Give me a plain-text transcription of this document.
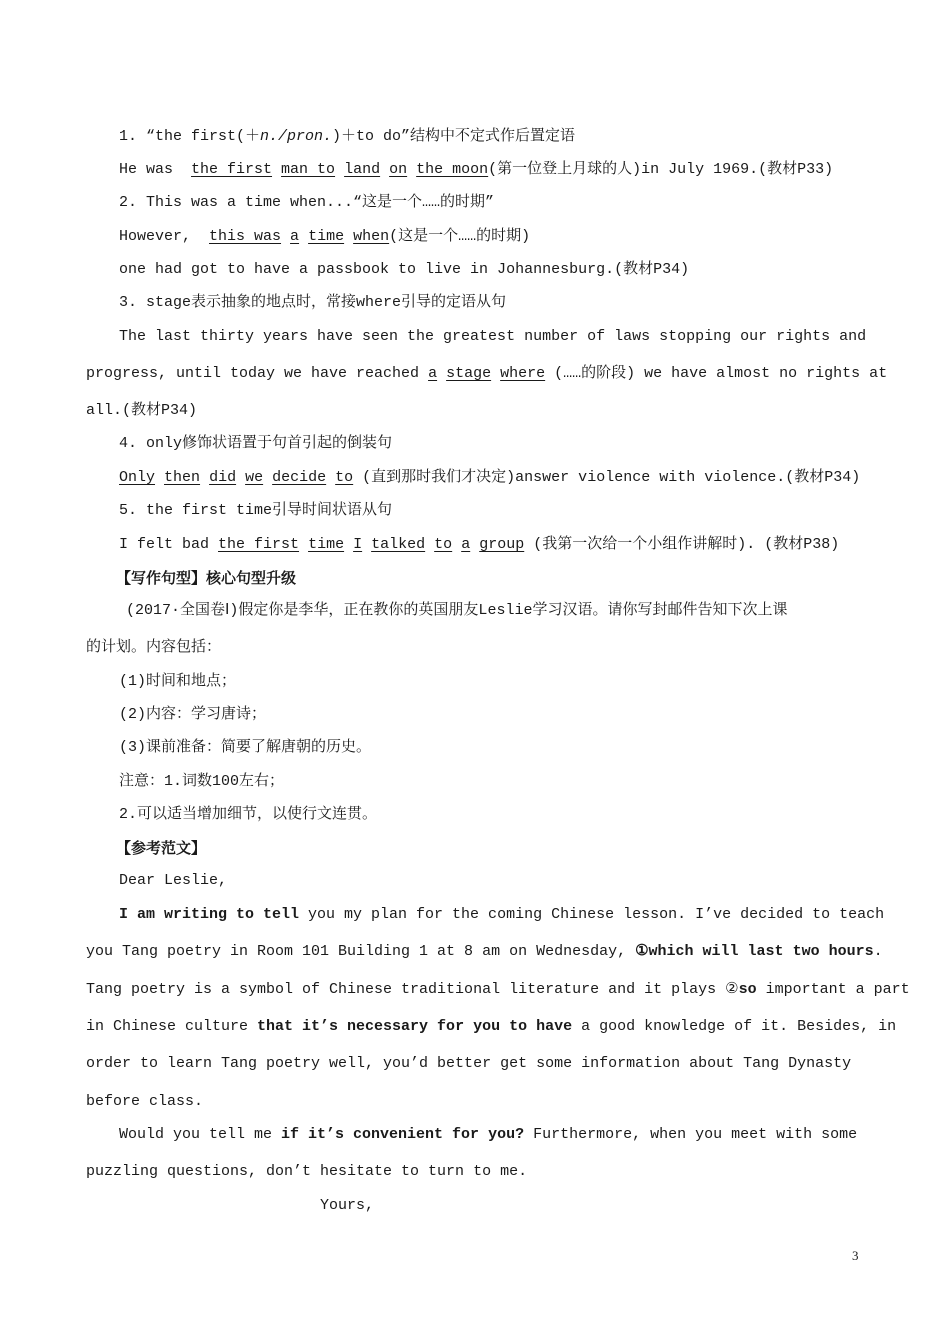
1. “the first(＋n./pron.)＋to do”结构中不定式作后置定语
He was  the first man to land on the moon(第一位登上月球的人)in July 1969.(教材P33)
2. This was a time when...“这是一个……的时期”
However,  this was a time when(这是一个……的时期)
one had got to have a passbook to live in Johannesburg.(教材P34)
3. stage表示抽象的地点时，常接where引导的定语从句
The last thirty years have seen the greatest number of laws stopping our rights and
progress, until today we have reached a stage where (……的阶段) we have almost no rights at
all.(教材P34)
4. only修饰状语置于句首引起的倒装句
Only then did we decide to (直到那时我们才决定)answer violence with violence.(教材P34)
5. the first time引导时间状语从句
I felt bad the first time I talked to a group (我第一次给一个小组作讲解时). (教材P38)
【写作句型】核心句型升级
(2017·全国卷Ⅰ)假定你是李华，正在教你的英国朋友Leslie学习汉语。请你写封邮件告知下次上课
的计划。内容包括：
(1)时间和地点；
(2)内容：学习唐诗；
(3)课前准备：简要了解唐朝的历史。
注意：1.词数100左右；
2.可以适当增加细节，以使行文连贯。
【参考范文】
Dear Leslie,
I am writing to tell you my plan for the coming Chinese lesson. I’ve decided to teach
you Tang poetry in Room 101 Building 1 at 8 am on Wednesday, ①which will last two hours.
Tang poetry is a symbol of Chinese traditional literature and it plays ②so important a part
in Chinese culture that it’s necessary for you to have a good knowledge of it. Besides, in
order to learn Tang poetry well, you’d better get some information about Tang Dynasty
before class.
Would you tell me if it’s convenient for you? Furthermore, when you meet with some
puzzling questions, don’t hesitate to turn to me.
Yours,
3
